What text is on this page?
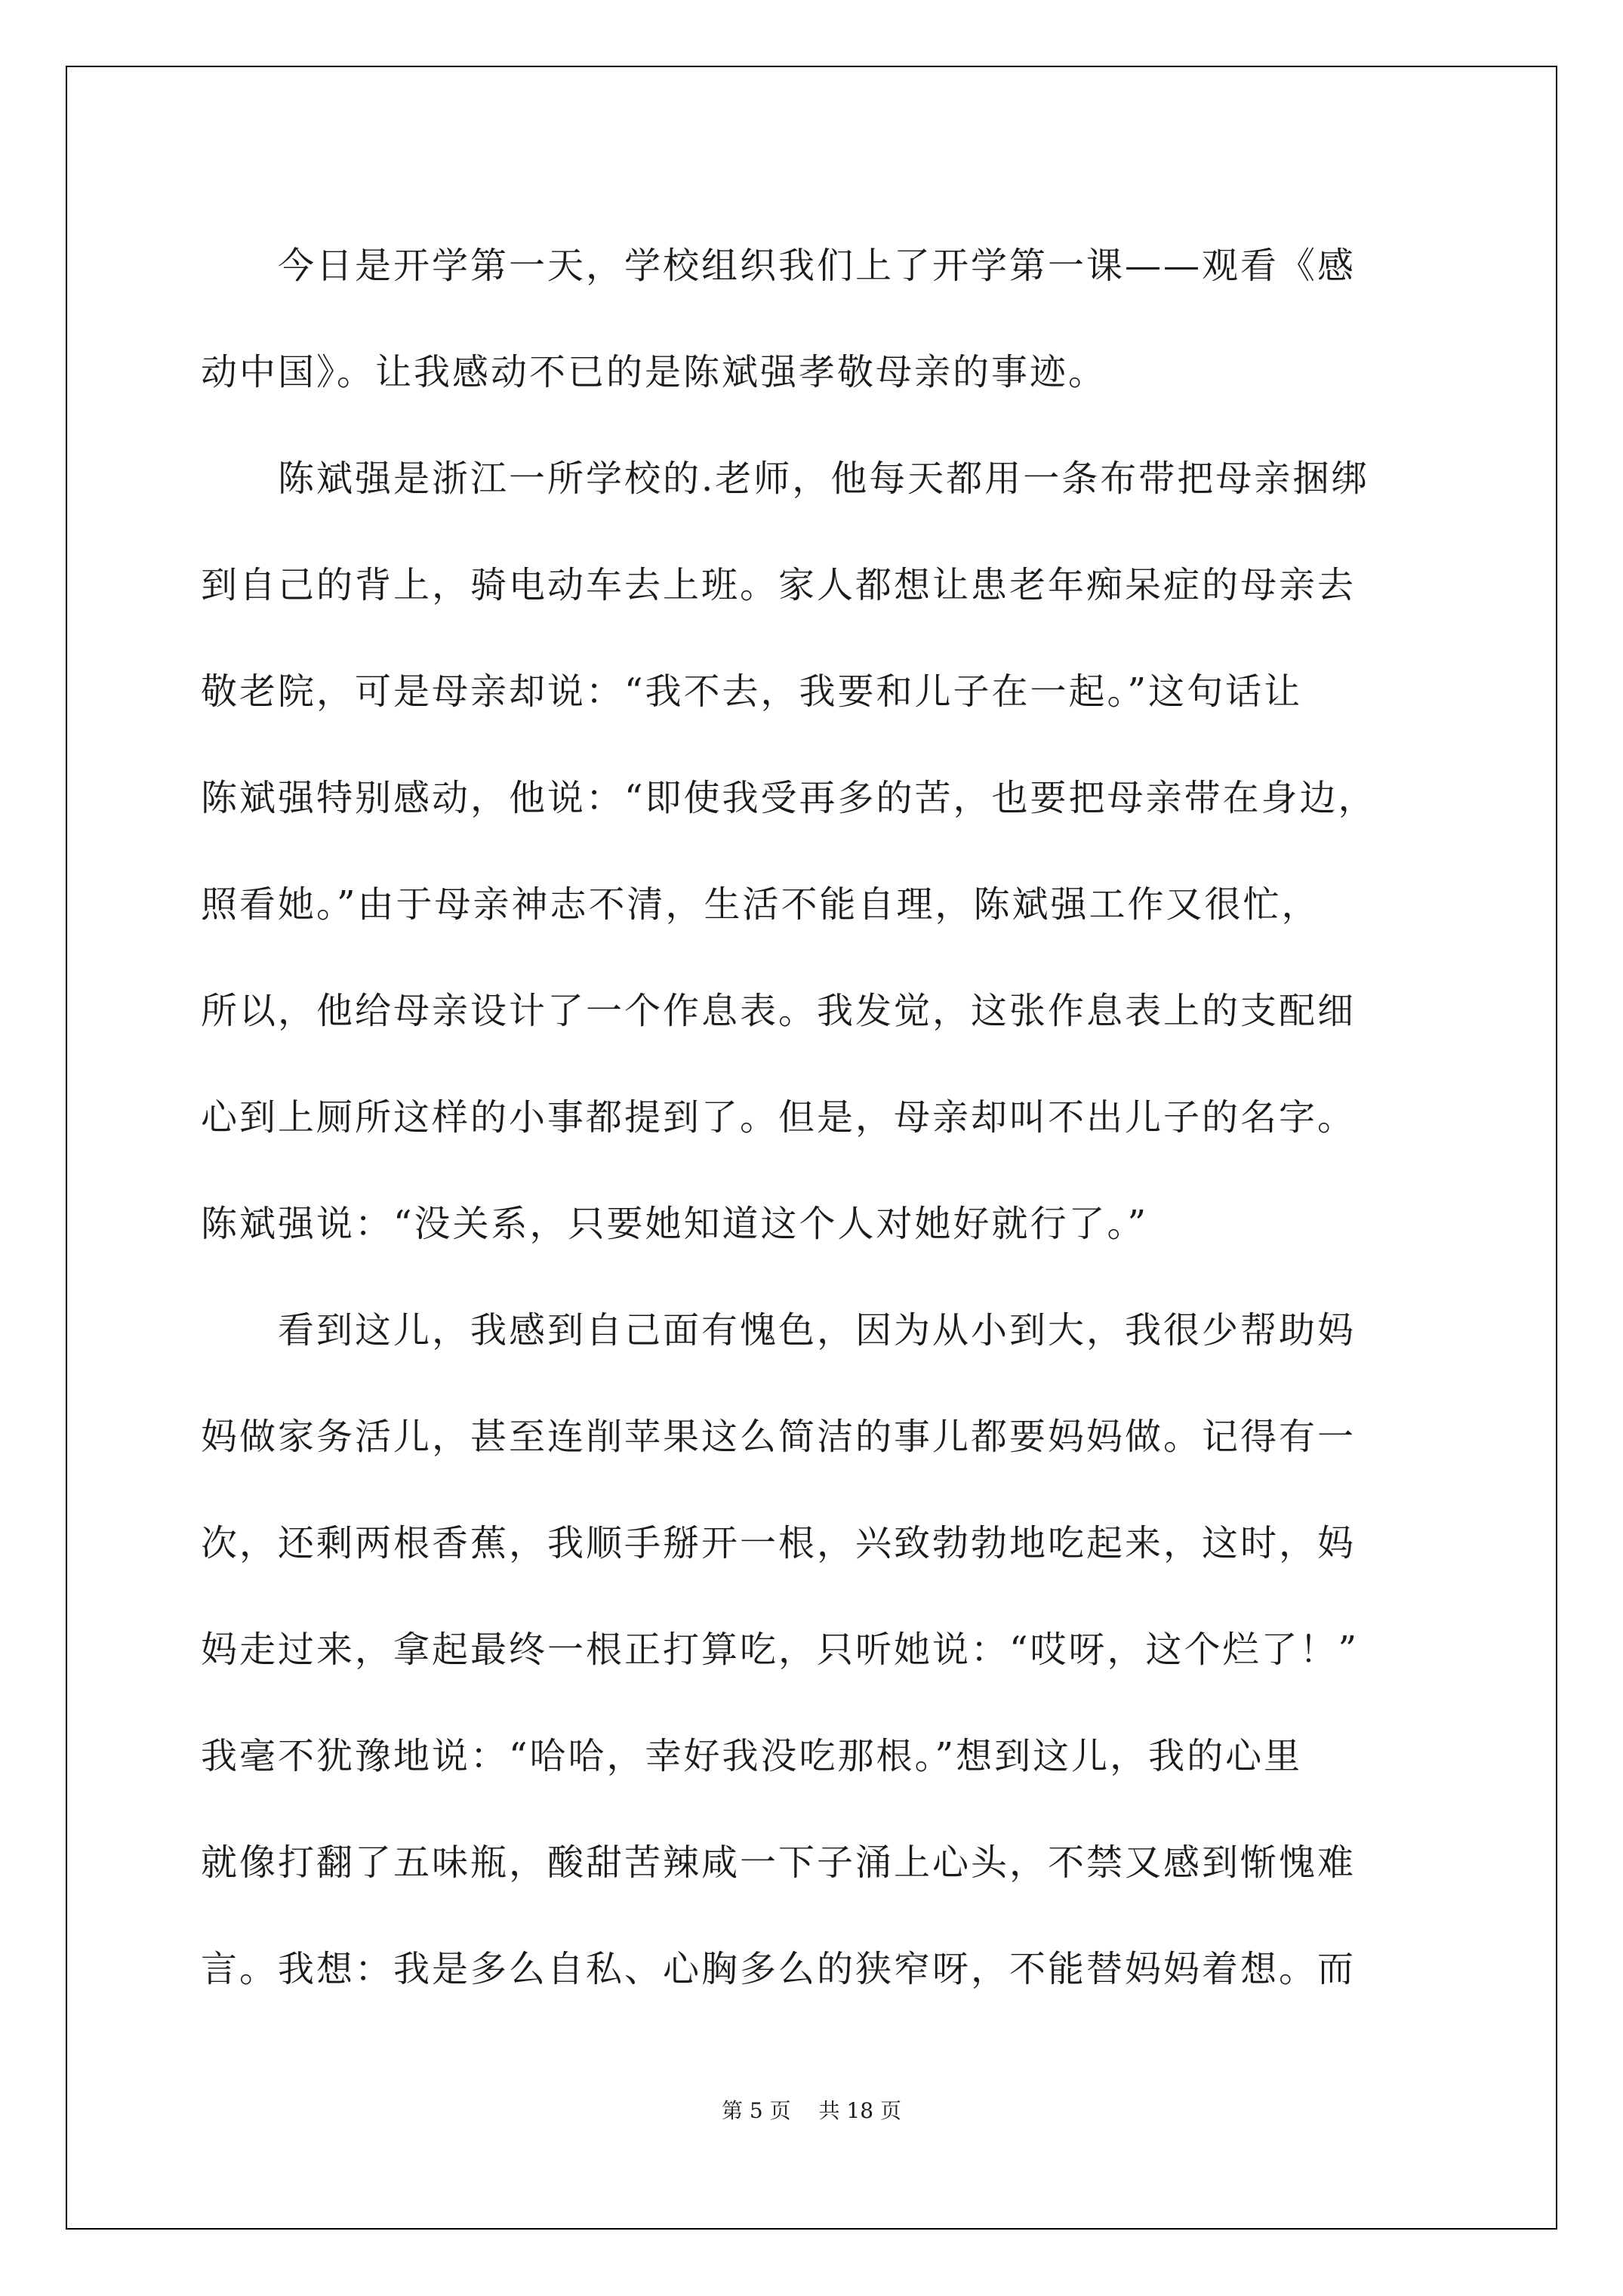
　　今日是开学第一天，学校组织我们上了开学第一课——观看《感
动中国》。让我感动不已的是陈斌强孝敬母亲的事迹。
　　陈斌强是浙江一所学校的.老师，他每天都用一条布带把母亲捆绑
到自己的背上，骑电动车去上班。家人都想让患老年痴呆症的母亲去
敬老院，可是母亲却说：“我不去，我要和儿子在一起。”这句话让
陈斌强特别感动，他说：“即使我受再多的苦，也要把母亲带在身边，
照看她。”由于母亲神志不清，生活不能自理，陈斌强工作又很忙，
所以，他给母亲设计了一个作息表。我发觉，这张作息表上的支配细
心到上厕所这样的小事都提到了。但是，母亲却叫不出儿子的名字。
陈斌强说：“没关系，只要她知道这个人对她好就行了。”
　　看到这儿，我感到自己面有愧色，因为从小到大，我很少帮助妈
妈做家务活儿，甚至连削苹果这么简洁的事儿都要妈妈做。记得有一
次，还剩两根香蕉，我顺手掰开一根，兴致勃勃地吃起来，这时，妈
妈走过来，拿起最终一根正打算吃，只听她说：“哎呀，这个烂了！”
我毫不犹豫地说：“哈哈，幸好我没吃那根。”想到这儿，我的心里
就像打翻了五味瓶，酸甜苦辣咸一下子涌上心头，不禁又感到惭愧难
言。我想：我是多么自私、心胸多么的狭窄呀，不能替妈妈着想。而
第 5 页　 共 18 页
